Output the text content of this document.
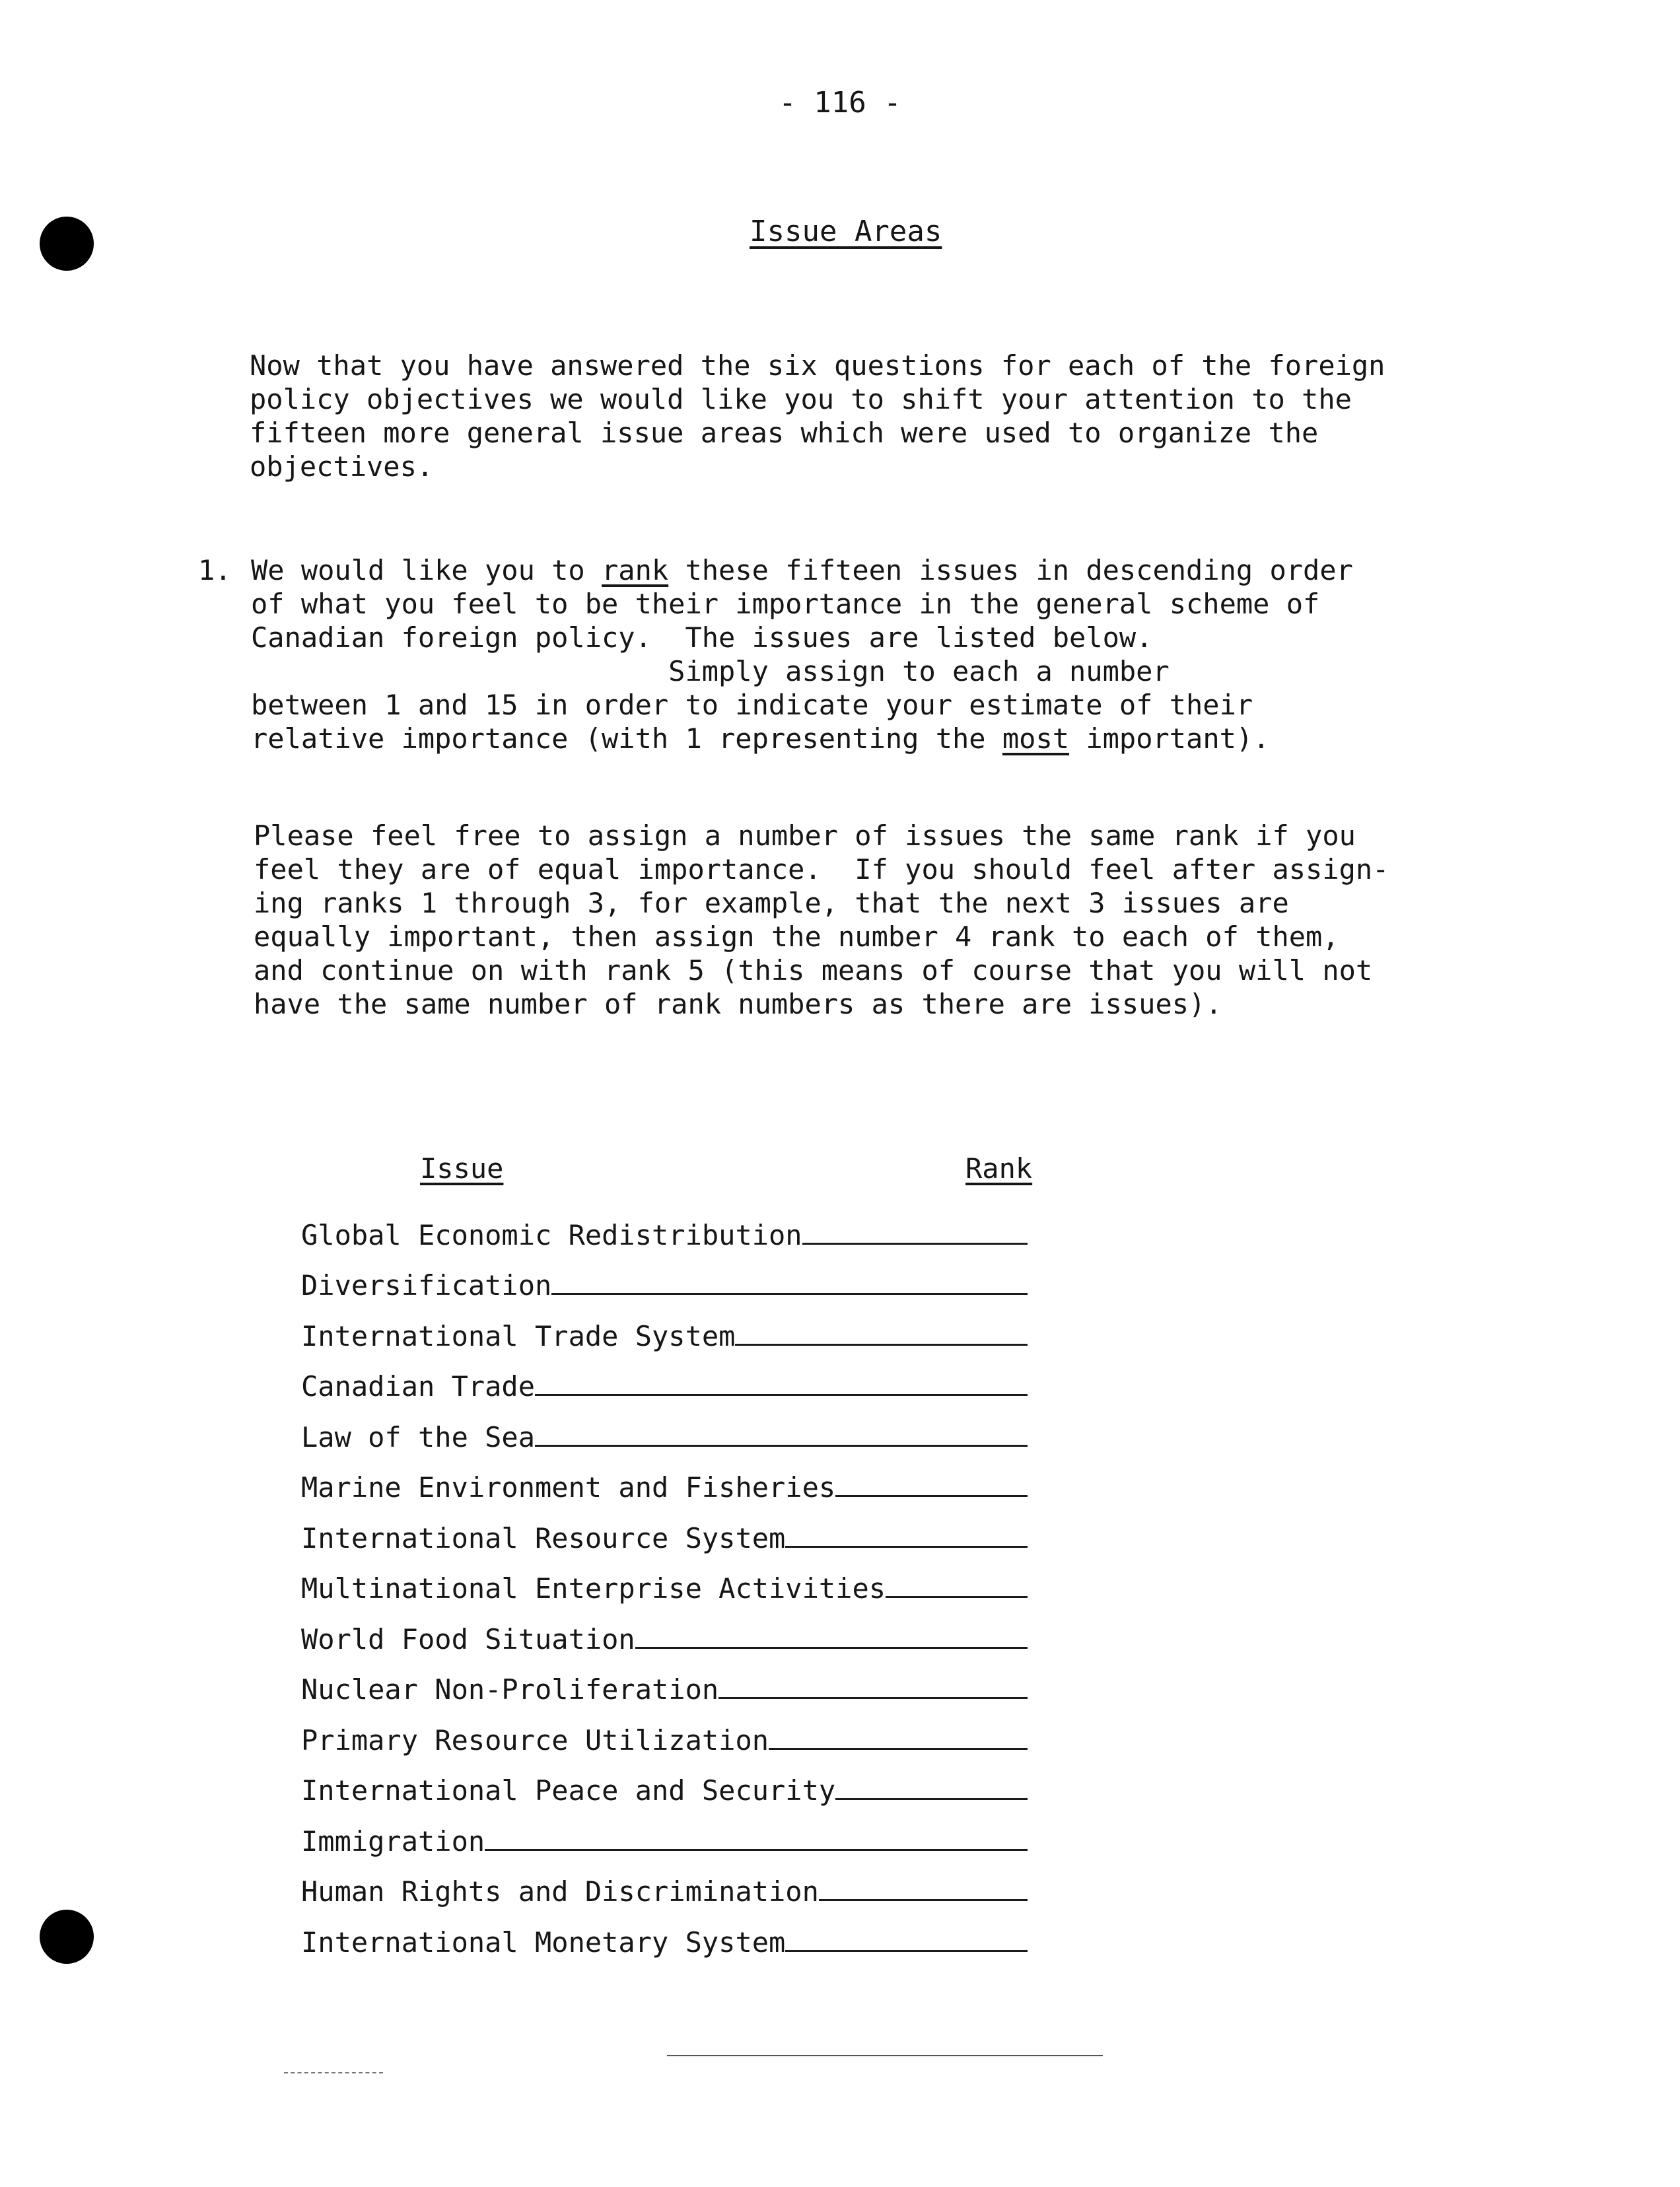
- 116 -
Issue Areas

Now that you have answered the six questions for each of the foreign
policy objectives we would like you to shift your attention to the
fifteen more general issue areas which were used to organize the
objectives.

1. We would like you to rank these fifteen issues in descending order
of what you feel to be their importance in the general scheme of
Canadian foreign policy.  The issues are listed below.
Simply assign to each a number
between 1 and 15 in order to indicate your estimate of their
relative importance (with 1 representing the most important).

Please feel free to assign a number of issues the same rank if you
feel they are of equal importance.  If you should feel after assign-
ing ranks 1 through 3, for example, that the next 3 issues are
equally important, then assign the number 4 rank to each of them,
and continue on with rank 5 (this means of course that you will not
have the same number of rank numbers as there are issues).

Issue	Rank
Global Economic Redistribution
Diversification
International Trade System
Canadian Trade
Law of the Sea
Marine Environment and Fisheries
International Resource System
Multinational Enterprise Activities
World Food Situation
Nuclear Non-Proliferation
Primary Resource Utilization
International Peace and Security
Immigration
Human Rights and Discrimination
International Monetary System
